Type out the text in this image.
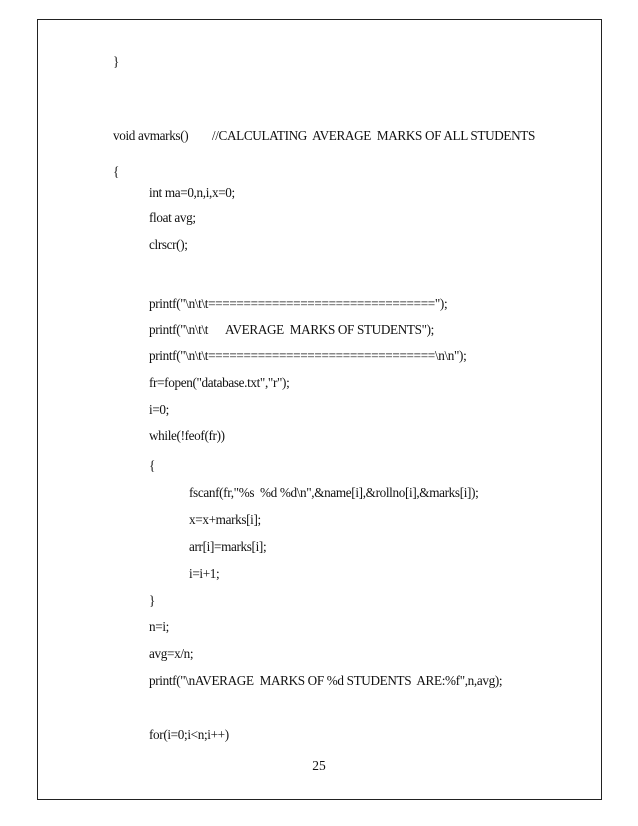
}
void avmarks()        //CALCULATING  AVERAGE  MARKS OF ALL STUDENTS
{
int ma=0,n,i,x=0;
float avg;
clrscr();
printf("\n\t\t================================");
printf("\n\t\t      AVERAGE  MARKS OF STUDENTS");
printf("\n\t\t================================\n\n");
fr=fopen("database.txt","r");
i=0;
while(!feof(fr))
{
fscanf(fr,"%s  %d %d\n",&name[i],&rollno[i],&marks[i]);
x=x+marks[i];
arr[i]=marks[i];
i=i+1;
}
n=i;
avg=x/n;
printf("\nAVERAGE  MARKS OF %d STUDENTS  ARE:%f",n,avg);
for(i=0;i<n;i++)
25
